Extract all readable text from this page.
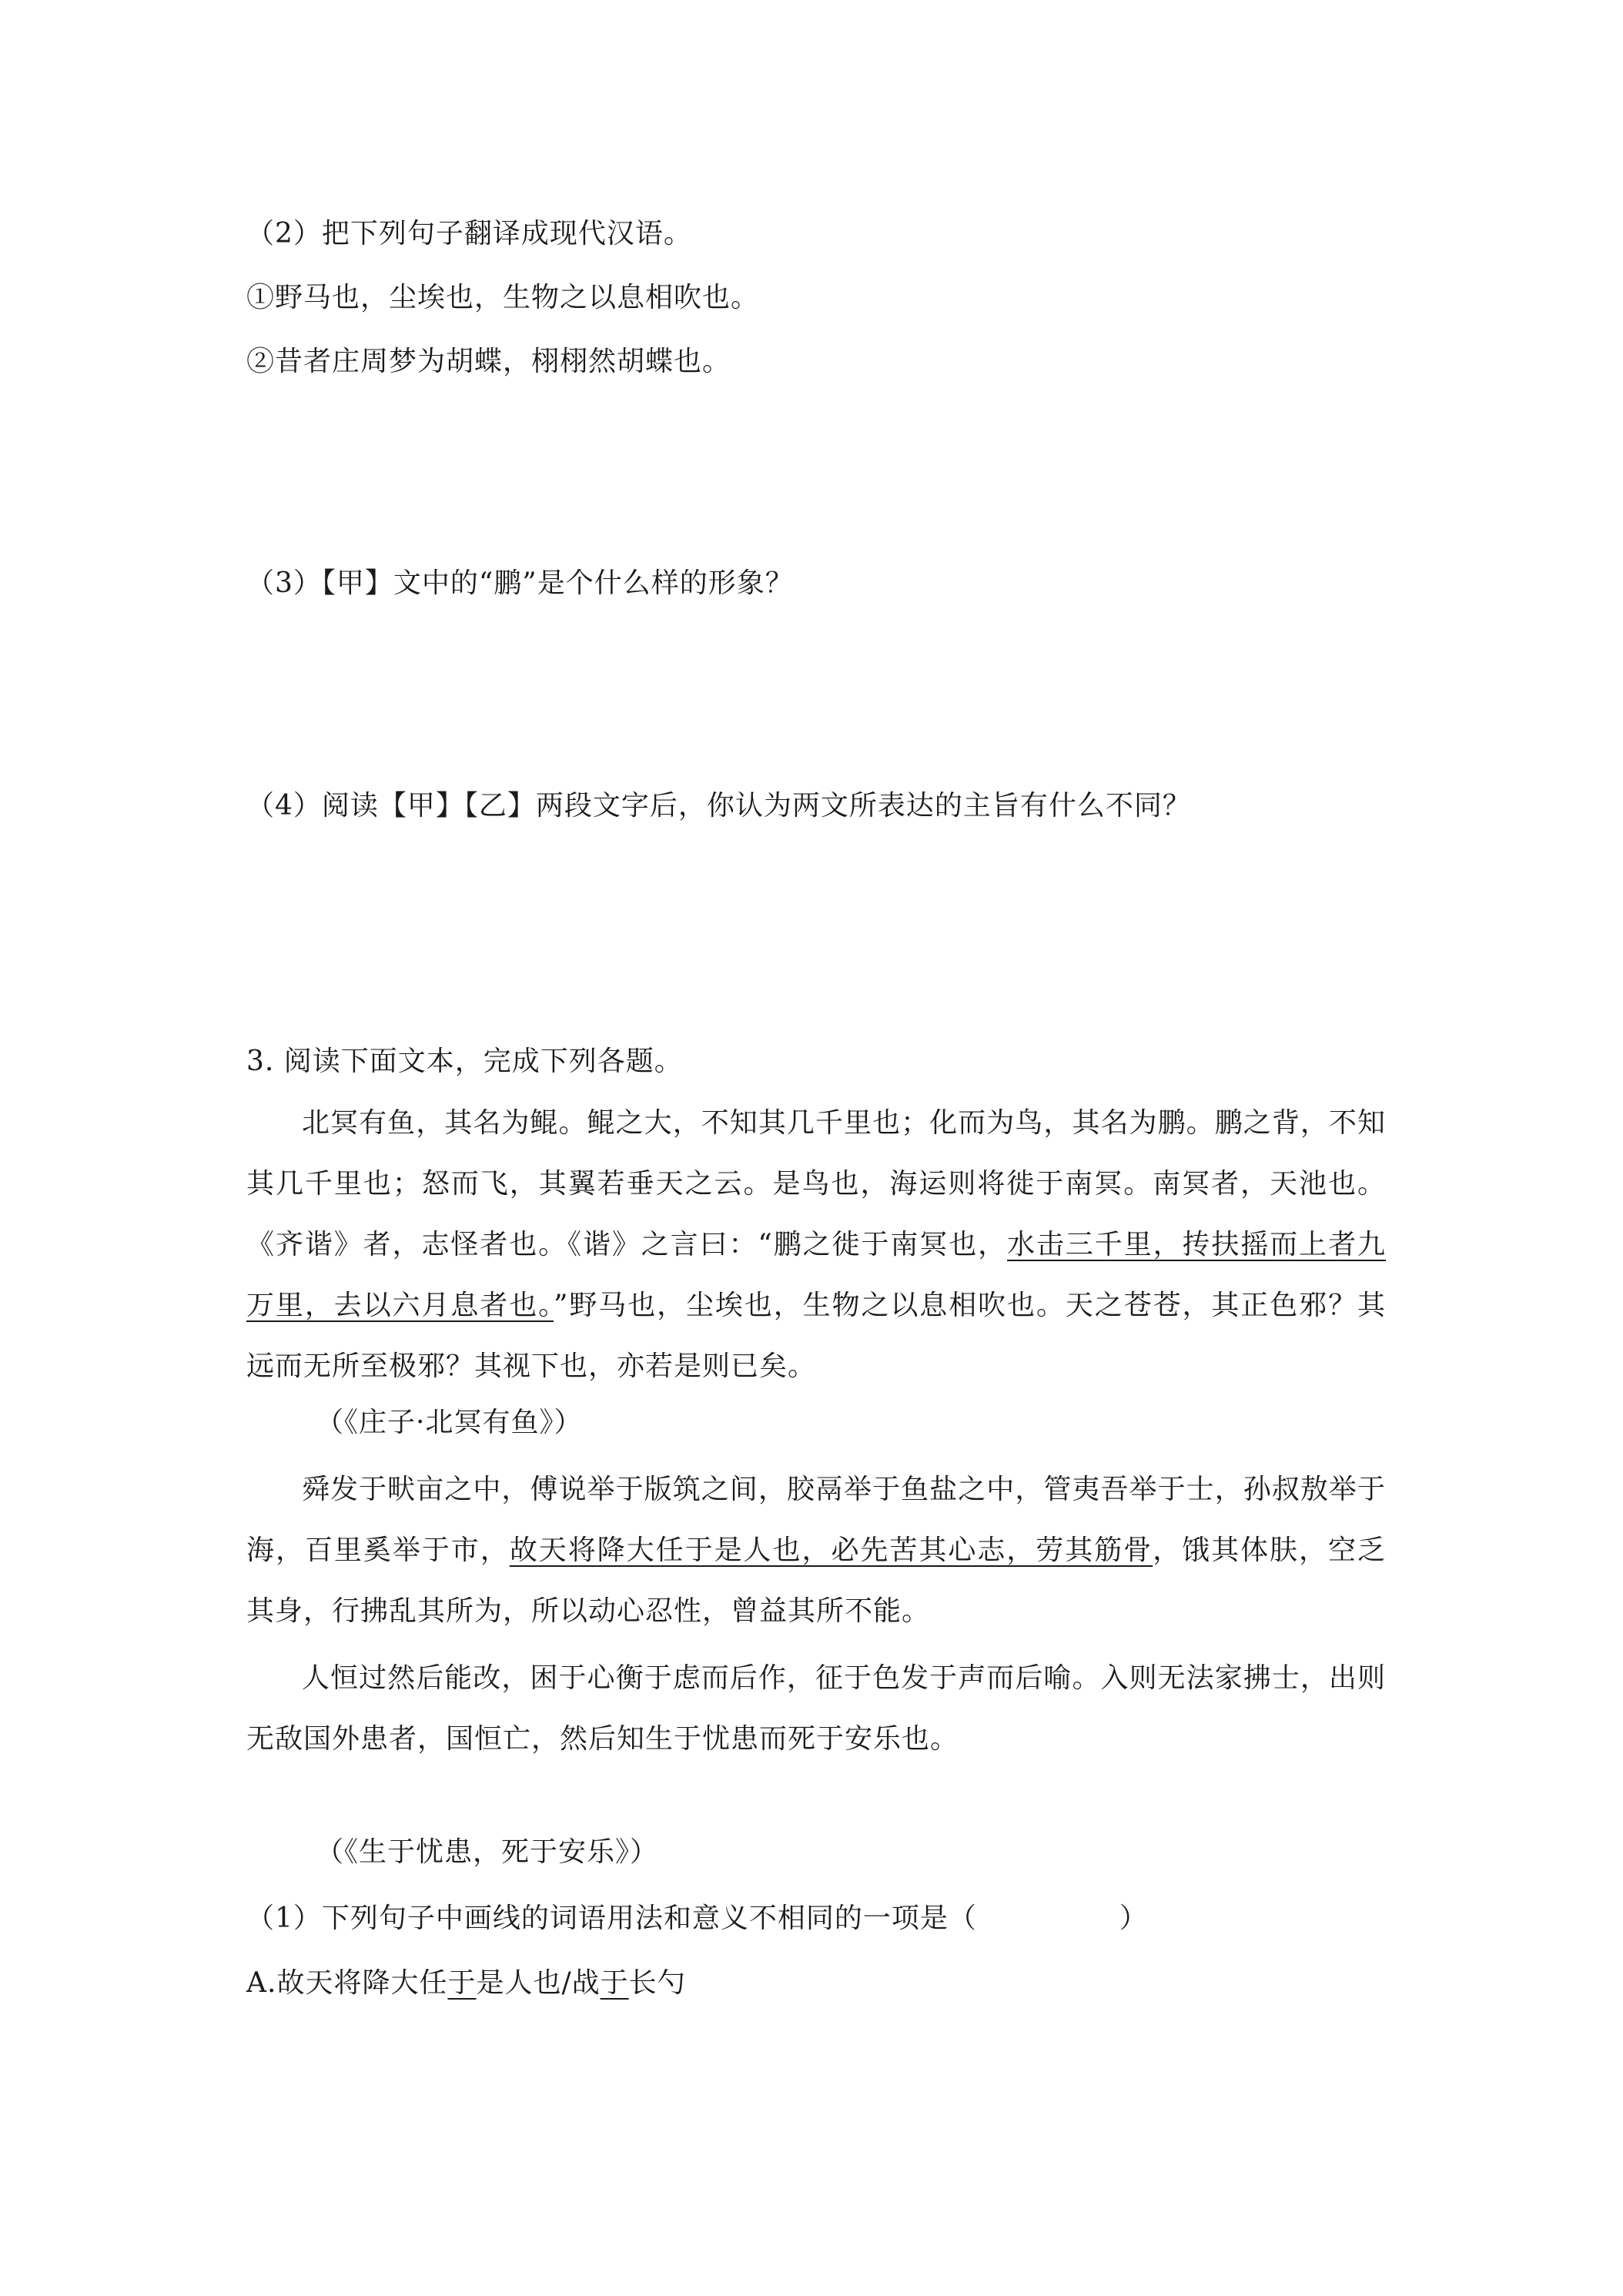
（2）把下列句子翻译成现代汉语。
①野马也，尘埃也，生物之以息相吹也。
②昔者庄周梦为胡蝶，栩栩然胡蝶也。
（3）【甲】文中的“鹏”是个什么样的形象？
（4）阅读【甲】【乙】两段文字后，你认为两文所表达的主旨有什么不同？
3. 阅读下面文本，完成下列各题。
北冥有鱼，其名为鲲。鲲之大，不知其几千里也；化而为鸟，其名为鹏。鹏之背，不知其几千里也；怒而飞，其翼若垂天之云。是鸟也，海运则将徙于南冥。南冥者，天池也。《齐谐》者，志怪者也。《谐》之言曰：“鹏之徙于南冥也，水击三千里，抟扶摇而上者九万里，去以六月息者也。”野马也，尘埃也，生物之以息相吹也。天之苍苍，其正色邪？其远而无所至极邪？其视下也，亦若是则已矣。
（《庄子·北冥有鱼》）
舜发于畎亩之中，傅说举于版筑之间，胶鬲举于鱼盐之中，管夷吾举于士，孙叔敖举于海，百里奚举于市，故天将降大任于是人也，必先苦其心志，劳其筋骨，饿其体肤，空乏其身，行拂乱其所为，所以动心忍性，曾益其所不能。
人恒过然后能改，困于心衡于虑而后作，征于色发于声而后喻。入则无法家拂士，出则无敌国外患者，国恒亡，然后知生于忧患而死于安乐也。
（《生于忧患，死于安乐》）
（1）下列句子中画线的词语用法和意义不相同的一项是（　　　　　）
A.故天将降大任于是人也/战于长勺
